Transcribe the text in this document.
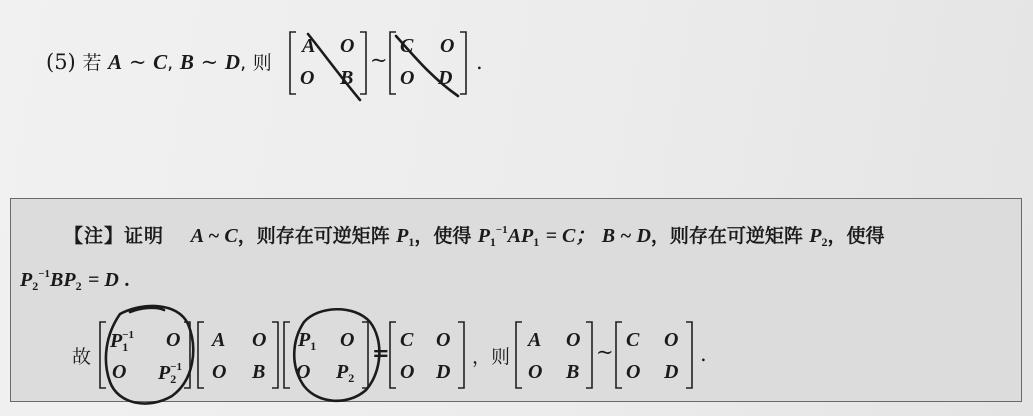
(5) 若 A ~ C, B ~ D, 则
A O
O B
~
C O
O D
.
【注】证明 A ~ C，则存在可逆矩阵 $P_1$，使得 $P_1^{-1}AP_1 = C$； B ~ D，则存在可逆矩阵 $P_2$，使得
$P_2^{-1}BP_2 = D$ .
故
$P_1^{-1}$ O
O $P_2^{-1}$
A O
O B
$P_1$ O
O $P_2$
= C O
O D
，则
A O
O B
~ C O
O D
.
